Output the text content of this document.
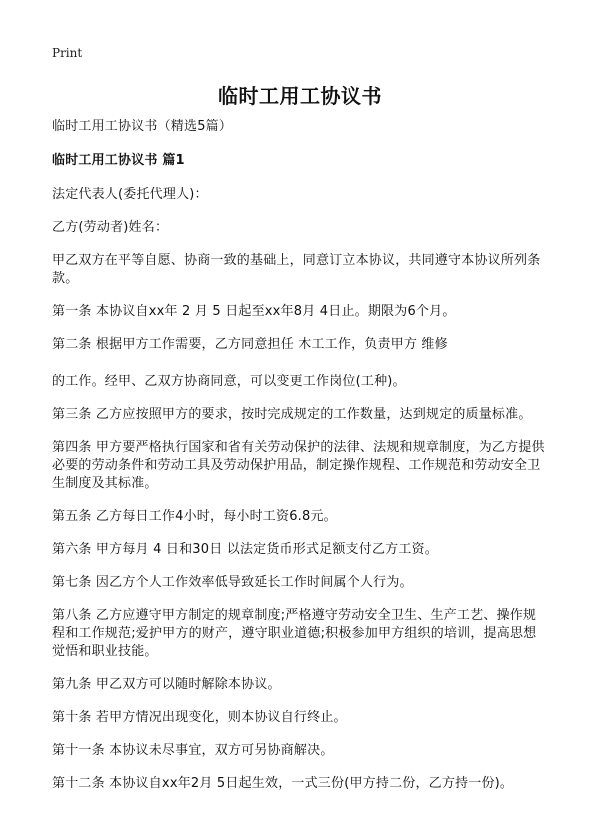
Print
临时工用工协议书

临时工用工协议书（精选5篇）

临时工用工协议书 篇1

法定代表人(委托代理人)：

乙方(劳动者)姓名：

甲乙双方在平等自愿、协商一致的基础上，同意订立本协议，共同遵守本协议所列条款。

第一条 本协议自xx年 2 月 5 日起至xx年8月 4日止。期限为6个月。

第二条 根据甲方工作需要，乙方同意担任 木工工作，负责甲方 维修

的工作。经甲、乙双方协商同意，可以变更工作岗位(工种)。

第三条 乙方应按照甲方的要求，按时完成规定的工作数量，达到规定的质量标准。

第四条 甲方要严格执行国家和省有关劳动保护的法律、法规和规章制度，为乙方提供必要的劳动条件和劳动工具及劳动保护用品，制定操作规程、工作规范和劳动安全卫生制度及其标准。

第五条 乙方每日工作4小时，每小时工资6.8元。

第六条 甲方每月 4 日和30日 以法定货币形式足额支付乙方工资。

第七条 因乙方个人工作效率低导致延长工作时间属个人行为。

第八条 乙方应遵守甲方制定的规章制度;严格遵守劳动安全卫生、生产工艺、操作规程和工作规范;爱护甲方的财产，遵守职业道德;积极参加甲方组织的培训，提高思想觉悟和职业技能。

第九条 甲乙双方可以随时解除本协议。

第十条 若甲方情况出现变化，则本协议自行终止。

第十一条 本协议未尽事宜，双方可另协商解决。

第十二条 本协议自xx年2月 5日起生效，一式三份(甲方持二份，乙方持一份)。
